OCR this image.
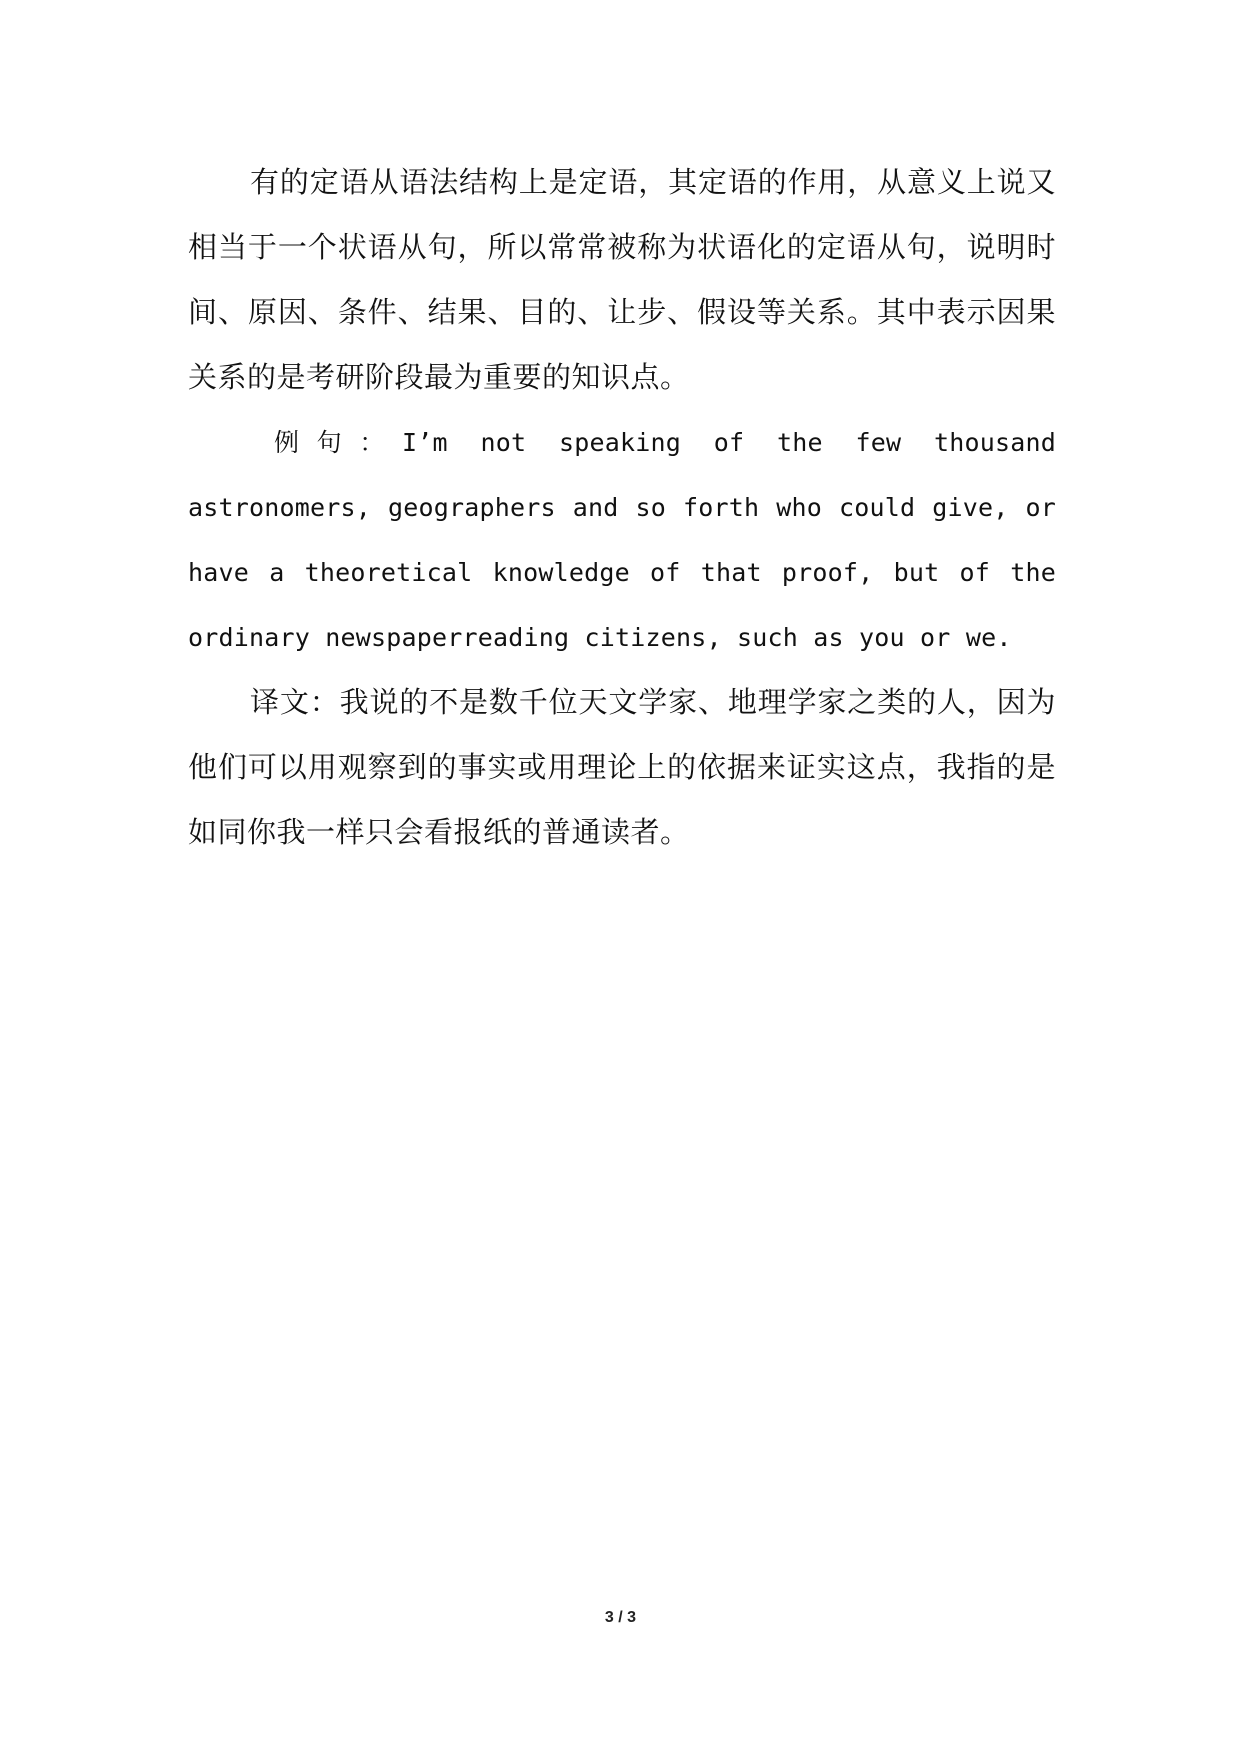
有的定语从语法结构上是定语，其定语的作用，从意义上说又相当于一个状语从句，所以常常被称为状语化的定语从句，说明时间、原因、条件、结果、目的、让步、假设等关系。其中表示因果关系的是考研阶段最为重要的知识点。

例句：I’m not speaking of the few thousand astronomers, geographers and so forth who could give, or have a theoretical knowledge of that proof, but of the ordinary newspaperreading citizens, such as you or we.

译文：我说的不是数千位天文学家、地理学家之类的人，因为他们可以用观察到的事实或用理论上的依据来证实这点，我指的是如同你我一样只会看报纸的普通读者。

3 / 3
